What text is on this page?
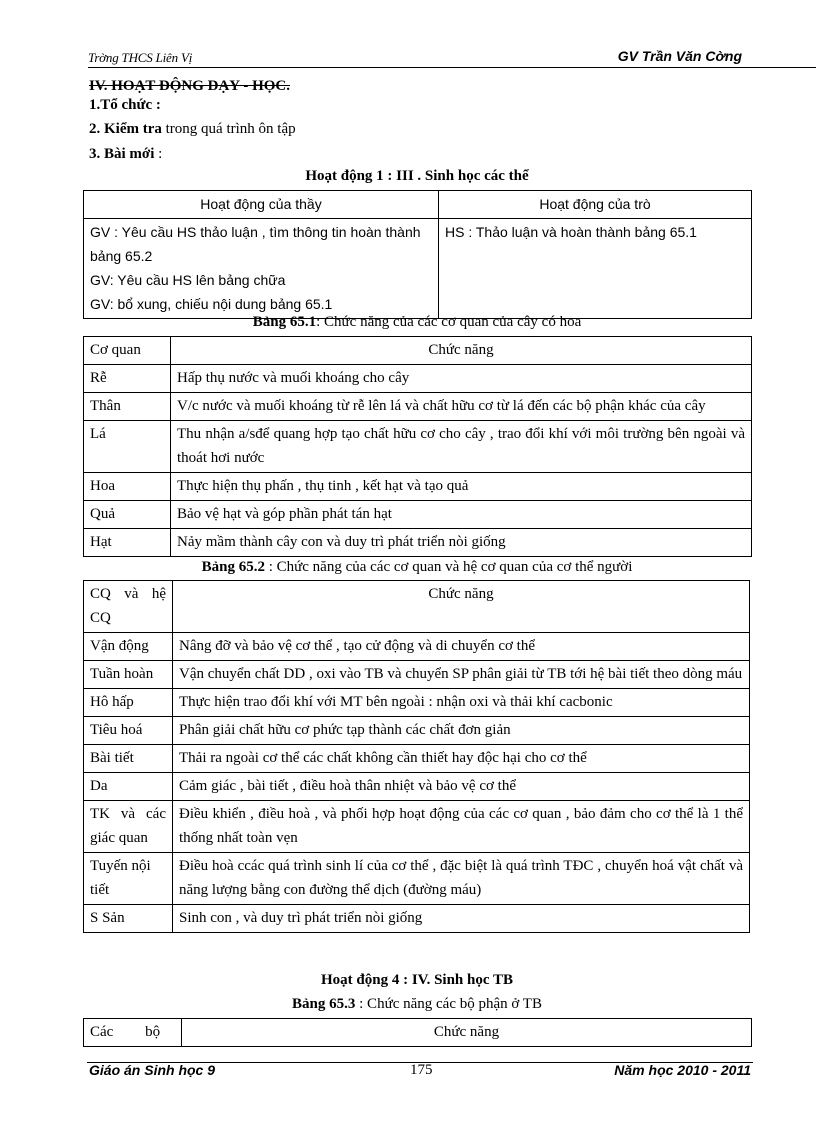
Trờng THCS Liên Vị	GV Trần Văn Cờng
IV. HOẠT ĐỘNG DẠY - HỌC.
1.Tổ chức :
2. Kiểm tra trong quá trình ôn tập
3. Bài mới :
Hoạt động 1 : III . Sinh học các thể
Hoạt động của thầy	Hoạt động của trò

GV : Yêu cầu HS thảo luận , tìm thông tin hoàn thành bảng 65.2
GV: Yêu cầu HS lên bảng chữa
GV: bổ xung, chiếu nội dung bảng 65.1	HS : Thảo luận và hoàn thành bảng 65.1
Bảng 65.1: Chức năng của các cơ quan của cây có hoa
Cơ quan	Chức năng
Rễ	Hấp thụ nước và muối khoáng cho cây
Thân	V/c nước và muối khoáng từ rễ lên lá và chất hữu cơ từ lá đến các bộ phận khác của cây
Lá	Thu nhận a/sđể quang hợp tạo chất hữu cơ cho cây , trao đổi khí với môi trường bên ngoài và thoát hơi nước
Hoa	Thực hiện thụ phấn , thụ tinh , kết hạt và tạo quả
Quả	Bảo vệ hạt và góp phần phát tán hạt
Hạt	Nảy mầm thành cây con và duy trì phát triển nòi giống
Bảng 65.2 : Chức năng của các cơ quan và hệ cơ quan của cơ thể người
CQ và hệ CQ	Chức năng
Vận động	Nâng đỡ và bảo vệ cơ thể , tạo cử động và di chuyển cơ thể
Tuần hoàn	Vận chuyển chất DD , oxi vào TB và chuyển SP phân giải từ TB tới hệ bài tiết theo dòng máu
Hô hấp	Thực hiện trao đổi khí với MT bên ngoài : nhận oxi và thải khí cacbonic
Tiêu hoá	Phân giải chất hữu cơ phức tạp thành các chất đơn giản
Bài tiết	Thải ra ngoài cơ thể các chất không cần thiết hay độc hại cho cơ thể
Da	Cảm giác , bài tiết , điều hoà thân nhiệt và bảo vệ cơ thể
TK và các giác quan	Điều khiển , điều hoà , và phối hợp hoạt động của các cơ quan , bảo đảm cho cơ thể là 1 thể thống nhất toàn vẹn
Tuyến nội tiết	Điều hoà ccác quá trình sinh lí của cơ thể , đặc biệt là quá trình TĐC , chuyển hoá vật chất và năng lượng bằng con đường thể dịch (đường máu)
S Sản	Sinh con , và duy trì phát triển nòi giống
Hoạt động 4 : IV. Sinh học TB
Bảng 65.3 : Chức năng các bộ phận ở TB
Các bộ	Chức năng
Giáo án Sinh học 9	175	Năm học 2010 - 2011
